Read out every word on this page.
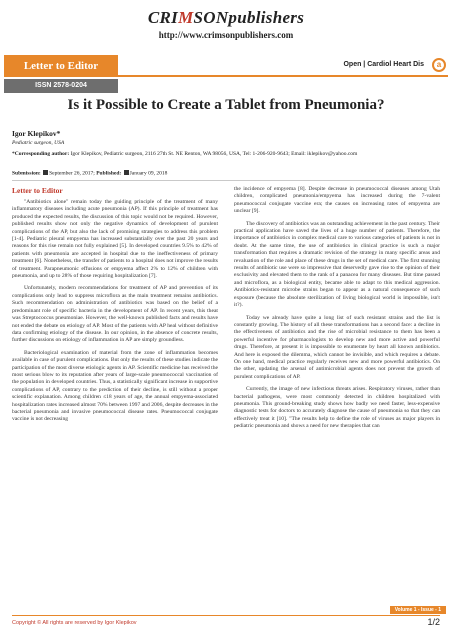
CRIMSONpublishers
http://www.crimsonpublishers.com
Letter to Editor	Open | Cardiol Heart Dis	a
ISSN 2578-0204
Is it Possible to Create a Tablet from Pneumonia?
Igor Klepikov*
Pediatric surgeon, USA
*Corresponding author: Igor Klepikov, Pediatric surgeon, 2116 27th St. NE Renton, WA 98056, USA, Tel: 1-206-920-9643; Email: iklepikov@yahoo.com
Submission: September 26, 2017; Published: January 09, 2018
Letter to Editor

"Antibiotics alone" remain today the guiding principle of the treatment of many inflammatory diseases including acute pneumonia (AP). If this principle of treatment has produced the expected results, the discussion of this topic would not be required. However, published results show not only the negative dynamics of development of purulent complications of the AP, but also the lack of promising strategies to address this problem [1-4]. Pediatric pleural empyema has increased substantially over the past 20 years and reasons for this rise remain not fully explained [5]. In developed countries 9.5% to 42% of patients with pneumonia are accepted in hospital due to the ineffectiveness of primary treatment [6]. Nonetheless, the transfer of patients to a hospital does not improve the results of treatment. Parapneumonic effusions or empyema affect 2% to 12% of children with pneumonia, and up to 28% of those requiring hospitalization [7].

Unfortunately, modern recommendations for treatment of AP and prevention of its complications only lead to suppress microflora as the main treatment remains antibiotics. Such recommendation on administration of antibiotics was based on the belief of a predominant role of specific bacteria in the development of AP. In recent years, this theat was Streptococcus pneumoniae. However, the well-known published facts and results have not ended the debate on etiology of AP. Most of the patients with AP heal without definitive data confirming etiology of the disease. In our opinion, in the absence of concrete results, further discussions on etiology of inflammation in AP are simply groundless.

Bacteriological examination of material from the zone of inflammation becomes available in case of purulent complications. But only the results of these studies indicate the participation of the most diverse etiologic agents in AP. Scientific medicine has received the most serious blow to its reputation after years of large-scale pneumococcal vaccination of the population in developed countries. Thus, a statistically significant increase in supportive complications of AP, contrary to the prediction of their decline, is still without a proper scientific explanation. Among children ≤18 years of age, the annual empyema-associated hospitalization rates increased almost 70% between 1997 and 2006, despite decreases in the bacterial pneumonia and invasive pneumococcal disease rates. Pneumococcal conjugate vaccine is not decreasing

the incidence of empyema [8]. Despite decrease in pneumococcal diseases among Utah children, complicated pneumonia/empyema has increased during the 7-valent pneumococcal conjugate vaccine era; the causes on increasing rates of empyema are unclear [9].

The discovery of antibiotics was an outstanding achievement in the past century. Their practical application have saved the lives of a huge number of patients. Therefore, the importance of antibiotics in complex medical care to various categories of patients is not in doubt. At the same time, the use of antibiotics in clinical practice is such a major transformation that requires a dramatic revision of the strategy in many specific areas and revaluation of the role and place of these drugs in the set of medical care. The first stunning results of antibiotic use were so impressive that deservedly gave rise to the opinion of their exclusivity and elevated them to the rank of a panacea for many diseases. But time passed and microflora, as a biological entity, became able to adapt to this medical aggression. Antibiotics-resistant microbe strains began to appear as a natural consequence of such exposure (because the absolute sterilization of living biological world is impossible, isn't it?).

Today we already have quite a long list of such resistant strains and the list is constantly growing. The history of all these transformations has a second face: a decline in the effectiveness of antibiotics and the rise of microbial resistance to them has been a powerful incentive for pharmacologists to develop new and more active and powerful drugs. Therefore, at present it is impossible to enumerate by heart all known antibiotics. And here is exposed the dilemma, which cannot be invisible, and which requires a debate. On one hand, medical practice regularly receives new and more powerful antibiotics. On the other, updating the arsenal of antimicrobial agents does not prevent the growth of purulent complications of AP.

Currently, the image of new infectious threats arises. Respiratory viruses, rather than bacterial pathogens, were most commonly detected in children hospitalized with pneumonia. This ground-breaking study shows how badly we need faster, less-expensive diagnostic tests for doctors to accurately diagnose the cause of pneumonia so that they can effectively treat it [10]. "The results help to define the role of viruses as major players in pediatric pneumonia and shows a need for new therapies that can

Volume 1 - Issue - 1
Copyright © All rights are reserved by Igor Klepikov	1/2
